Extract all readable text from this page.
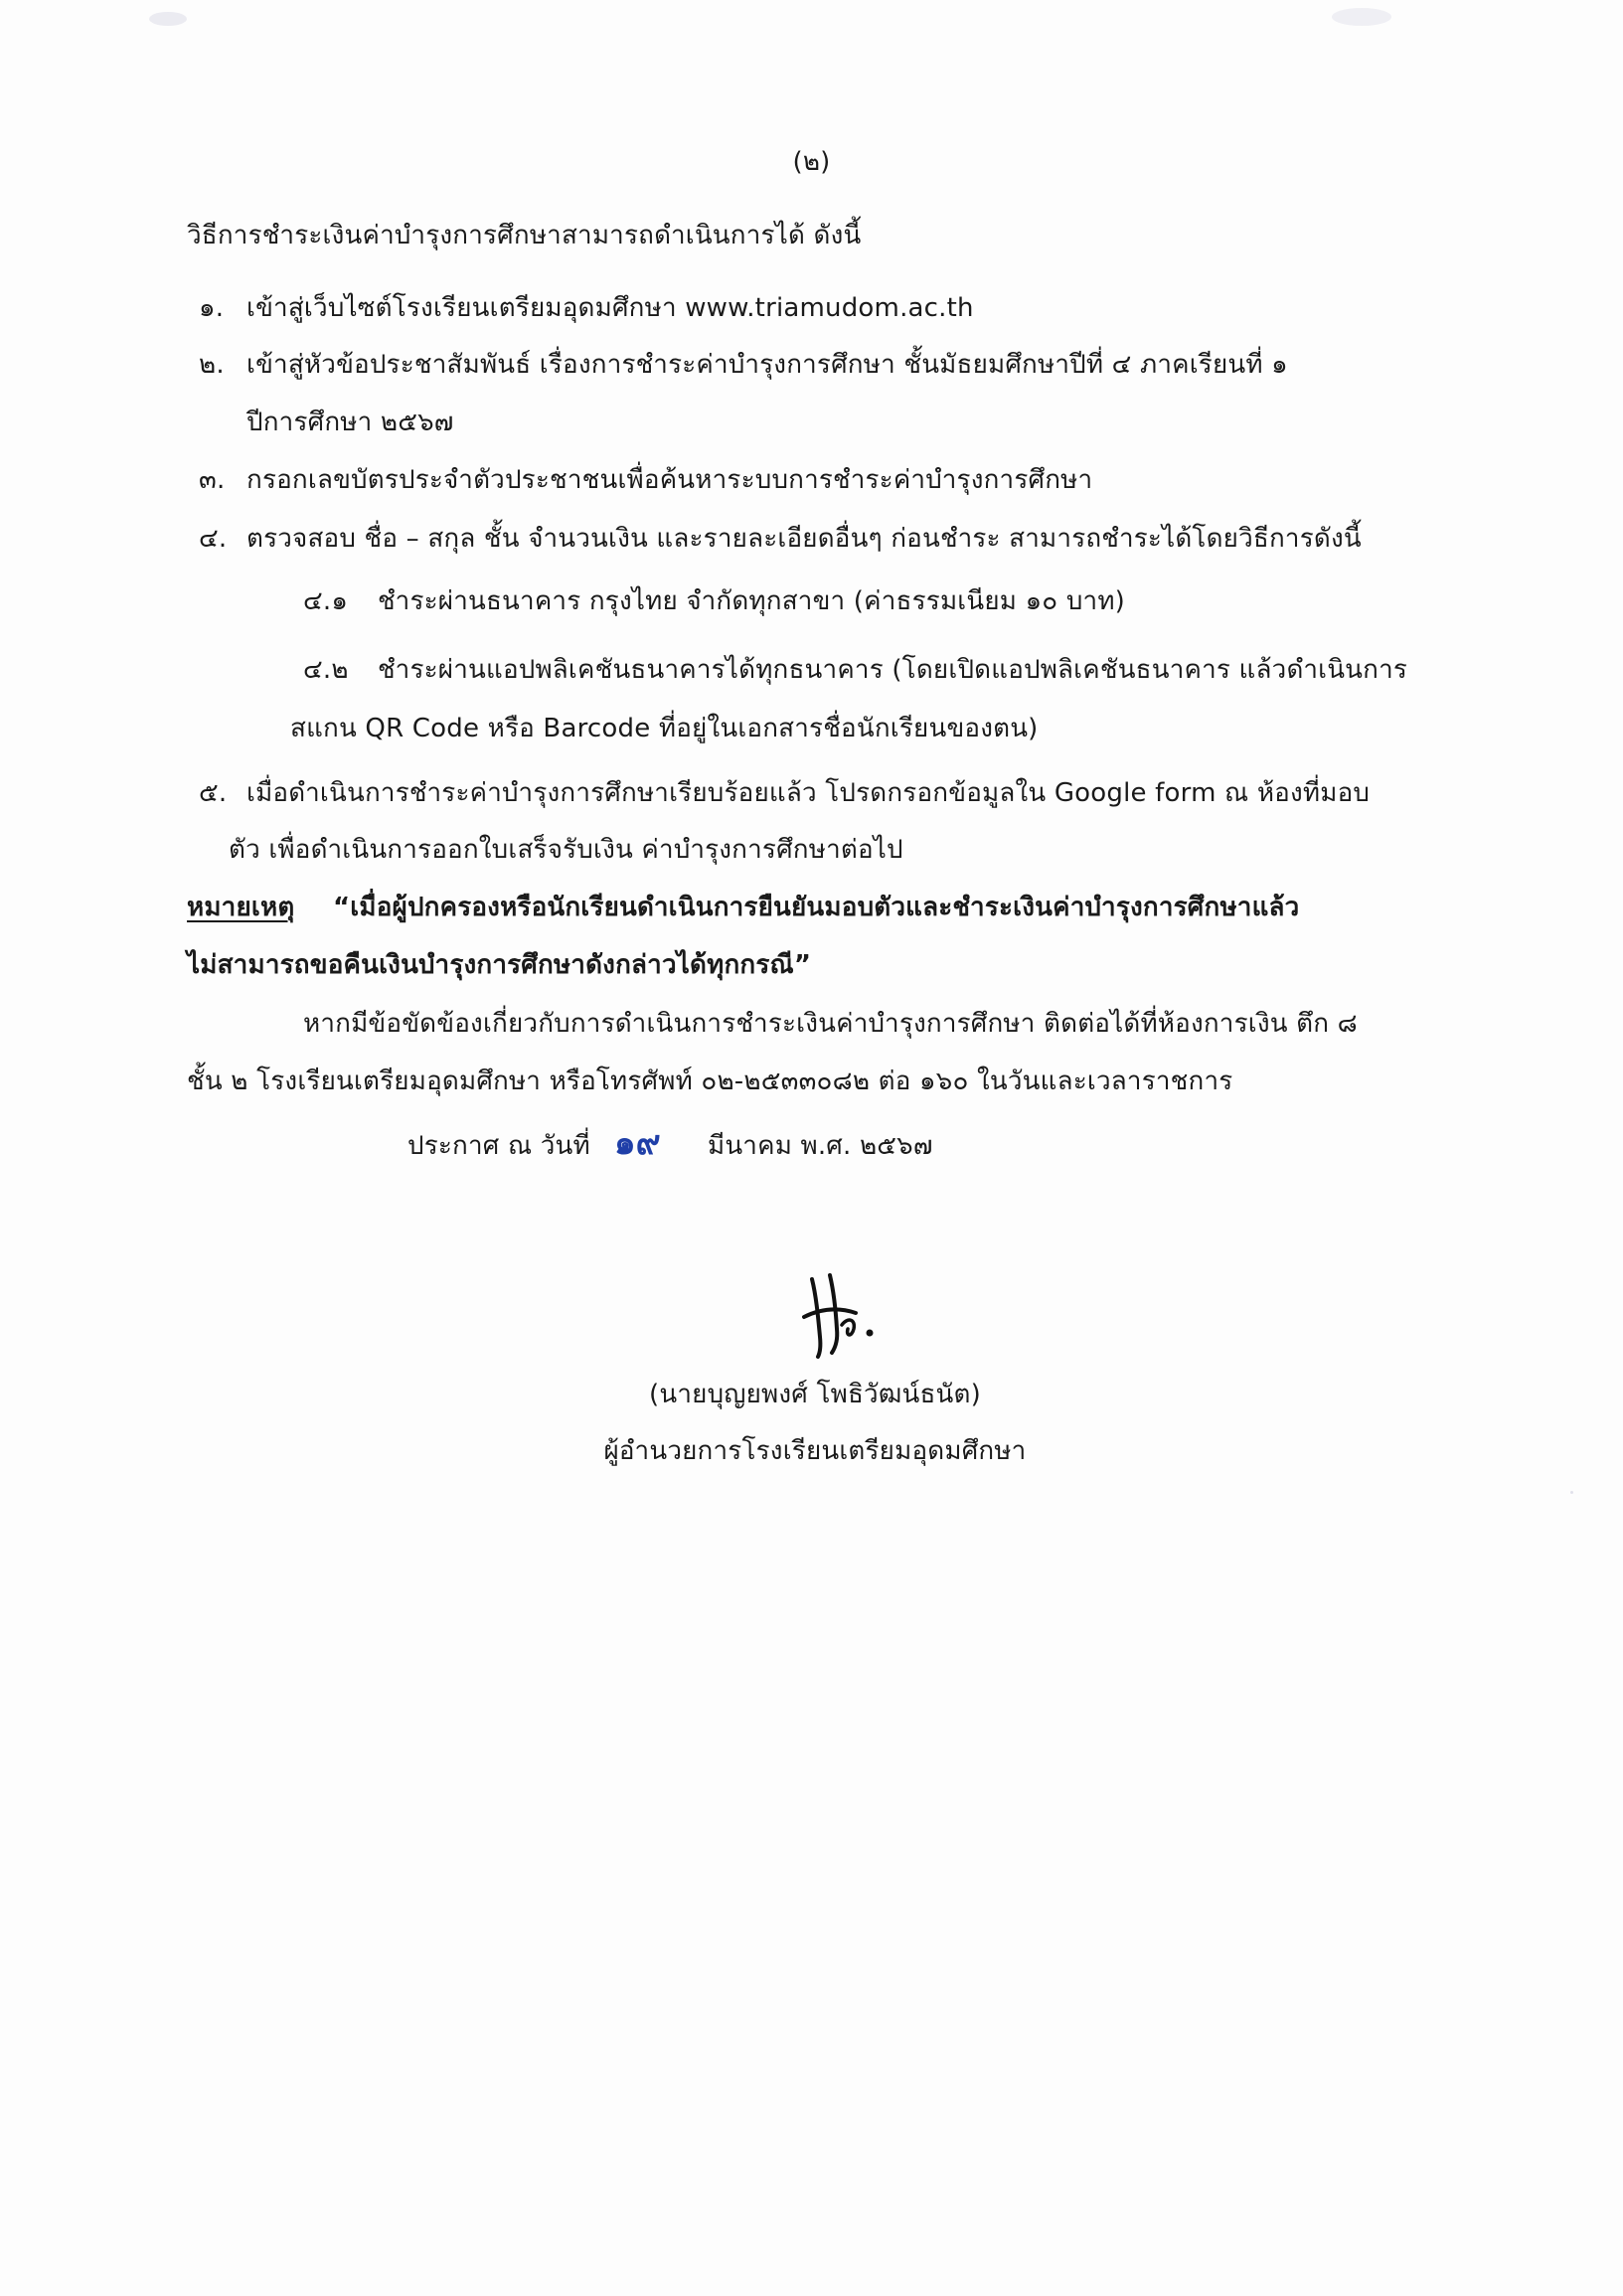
(๒)
วิธีการชำระเงินค่าบำรุงการศึกษาสามารถดำเนินการได้ ดังนี้
๑. เข้าสู่เว็บไซต์โรงเรียนเตรียมอุดมศึกษา www.triamudom.ac.th
๒. เข้าสู่หัวข้อประชาสัมพันธ์ เรื่องการชำระค่าบำรุงการศึกษา ชั้นมัธยมศึกษาปีที่ ๔ ภาคเรียนที่ ๑
ปีการศึกษา ๒๕๖๗
๓. กรอกเลขบัตรประจำตัวประชาชนเพื่อค้นหาระบบการชำระค่าบำรุงการศึกษา
๔. ตรวจสอบ ชื่อ – สกุล ชั้น จำนวนเงิน และรายละเอียดอื่นๆ ก่อนชำระ สามารถชำระได้โดยวิธีการดังนี้
๔.๑ ชำระผ่านธนาคาร กรุงไทย จำกัดทุกสาขา (ค่าธรรมเนียม ๑๐ บาท)
๔.๒ ชำระผ่านแอปพลิเคชันธนาคารได้ทุกธนาคาร (โดยเปิดแอปพลิเคชันธนาคาร แล้วดำเนินการ
สแกน QR Code หรือ Barcode ที่อยู่ในเอกสารชื่อนักเรียนของตน)
๕. เมื่อดำเนินการชำระค่าบำรุงการศึกษาเรียบร้อยแล้ว โปรดกรอกข้อมูลใน Google form ณ ห้องที่มอบ
ตัว เพื่อดำเนินการออกใบเสร็จรับเงิน ค่าบำรุงการศึกษาต่อไป
หมายเหตุ “เมื่อผู้ปกครองหรือนักเรียนดำเนินการยืนยันมอบตัวและชำระเงินค่าบำรุงการศึกษาแล้ว
ไม่สามารถขอคืนเงินบำรุงการศึกษาดังกล่าวได้ทุกกรณี”
หากมีข้อขัดข้องเกี่ยวกับการดำเนินการชำระเงินค่าบำรุงการศึกษา ติดต่อได้ที่ห้องการเงิน ตึก ๘
ชั้น ๒ โรงเรียนเตรียมอุดมศึกษา หรือโทรศัพท์ ๐๒-๒๕๓๓๐๘๒ ต่อ ๑๖๐ ในวันและเวลาราชการ
ประกาศ ณ วันที่ ๑๙ มีนาคม พ.ศ. ๒๕๖๗
(นายบุญยพงศ์ โพธิวัฒน์ธนัต)
ผู้อำนวยการโรงเรียนเตรียมอุดมศึกษา
